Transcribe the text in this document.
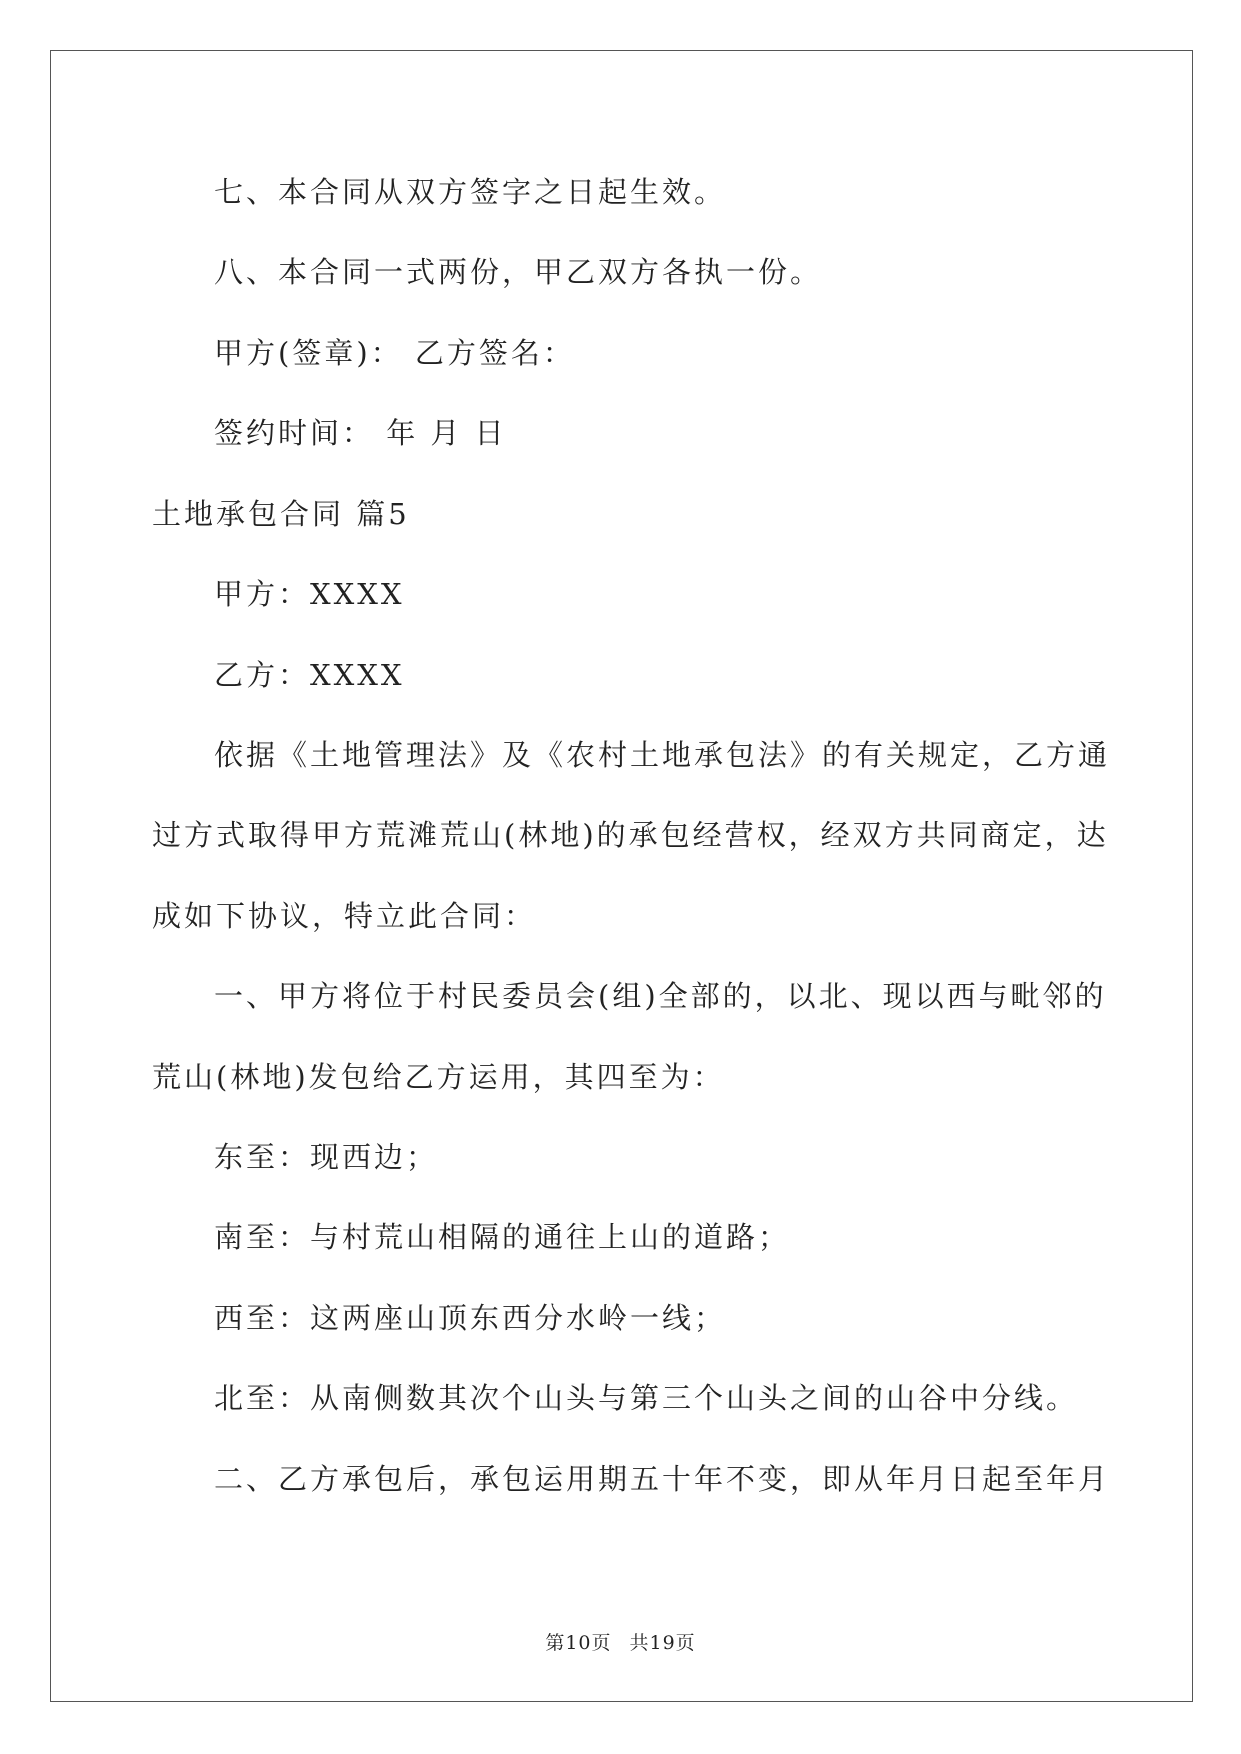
七、本合同从双方签字之日起生效。
八、本合同一式两份，甲乙双方各执一份。
甲方(签章)： 乙方签名：
签约时间： 年 月 日
土地承包合同 篇5
甲方：XXXX
乙方：XXXX
依据《土地管理法》及《农村土地承包法》的有关规定，乙方通
过方式取得甲方荒滩荒山(林地)的承包经营权，经双方共同商定，达
成如下协议，特立此合同：
一、甲方将位于村民委员会(组)全部的，以北、现以西与毗邻的
荒山(林地)发包给乙方运用，其四至为：
东至：现西边；
南至：与村荒山相隔的通往上山的道路；
西至：这两座山顶东西分水岭一线；
北至：从南侧数其次个山头与第三个山头之间的山谷中分线。
二、乙方承包后，承包运用期五十年不变，即从年月日起至年月
第10页 共19页
